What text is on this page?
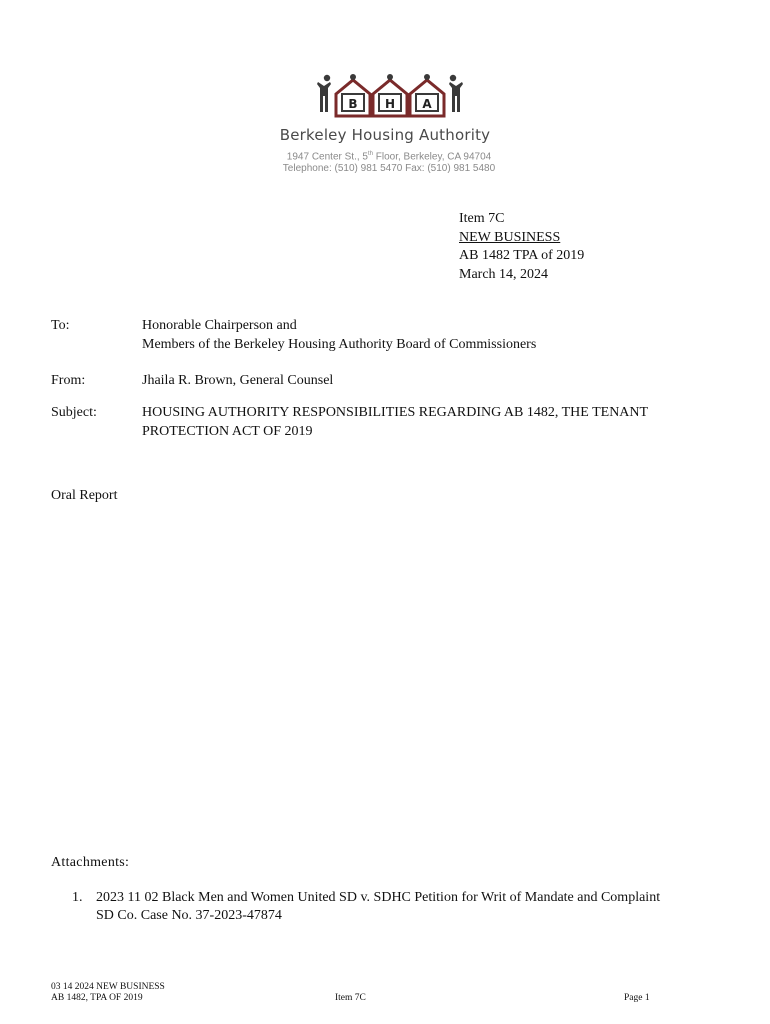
B H A
Berkeley Housing Authority
1947 Center St., 5th Floor, Berkeley, CA 94704
Telephone: (510) 981 5470 Fax: (510) 981 5480
Item 7C
NEW BUSINESS
AB 1482 TPA of 2019
March 14, 2024
To:	Honorable Chairperson and
Members of the Berkeley Housing Authority Board of Commissioners
From:	Jhaila R. Brown, General Counsel
Subject:	HOUSING AUTHORITY RESPONSIBILITIES REGARDING AB 1482, THE TENANT
PROTECTION ACT OF 2019
Oral Report
Attachments:
1. 2023 11 02 Black Men and Women United SD v. SDHC Petition for Writ of Mandate and Complaint
SD Co. Case No. 37-2023-47874
03 14 2024 NEW BUSINESS
AB 1482, TPA OF 2019	Item 7C	Page 1
